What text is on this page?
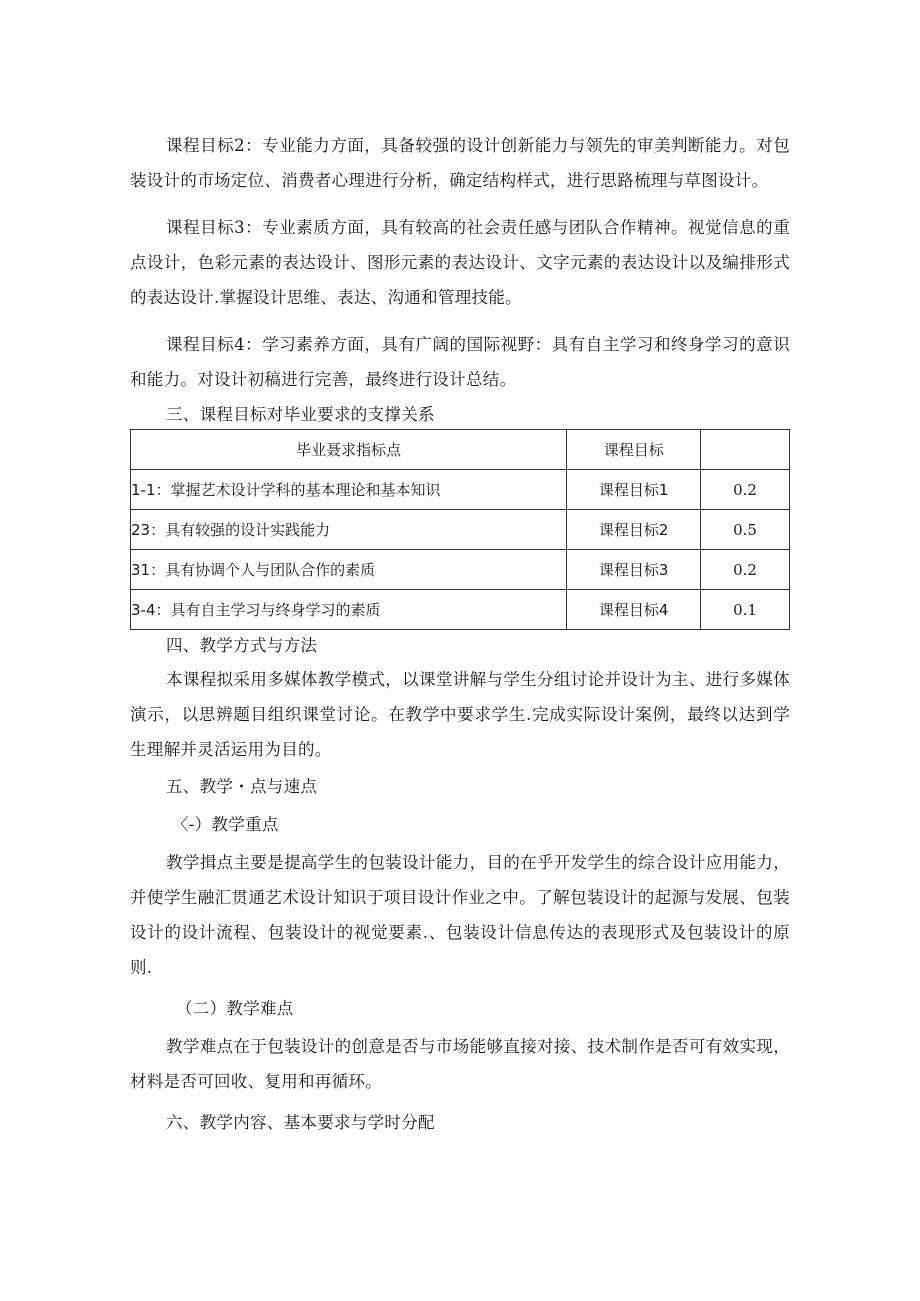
课程目标2：专业能力方面，具备较强的设计创新能力与领先的审美判断能力。对包装设计的市场定位、消费者心理进行分析，确定结构样式，进行思路梳理与草图设计。

课程目标3：专业素质方面，具有较高的社会责任感与团队合作精神。视觉信息的重点设计，色彩元素的表达设计、图形元素的表达设计、文字元素的表达设计以及编排形式的表达设计.掌握设计思维、表达、沟通和管理技能。

课程目标4：学习素养方面，具有广阔的国际视野：具有自主学习和终身学习的意识和能力。对设计初稿进行完善，最终进行设计总结。

三、课程目标对毕业要求的支撑关系

毕业聂求指标点	课程目标	
1-1：掌握艺术设计学科的基本理论和基本知识	课程目标1	0.2
23：具有较强的设计实践能力	课程目标2	0.5
31：具有协调个人与团队合作的素质	课程目标3	0.2
3-4：具有自主学习与终身学习的素质	课程目标4	0.1

四、教学方式与方法

本课程拟采用多媒体教学模式，以课堂讲解与学生分组讨论并设计为主、进行多媒体演示，以思辨题目组织课堂讨论。在教学中要求学生.完成实际设计案例，最终以达到学生理解并灵活运用为目的。

五、教学・点与速点

〈-）教学重点

教学揖点主要是提高学生的包装设计能力，目的在乎开发学生的综合设计应用能力，并使学生融汇贯通艺术设计知识于项目设计作业之中。了解包装设计的起源与发展、包装设计的设计流程、包装设计的视觉要素.、包装设计信息传达的表现形式及包装设计的原则.

（二）教学难点

教学难点在于包装设计的创意是否与市场能够直接对接、技术制作是否可有效实现，材料是否可回收、复用和再循环。

六、教学内容、基本要求与学时分配
